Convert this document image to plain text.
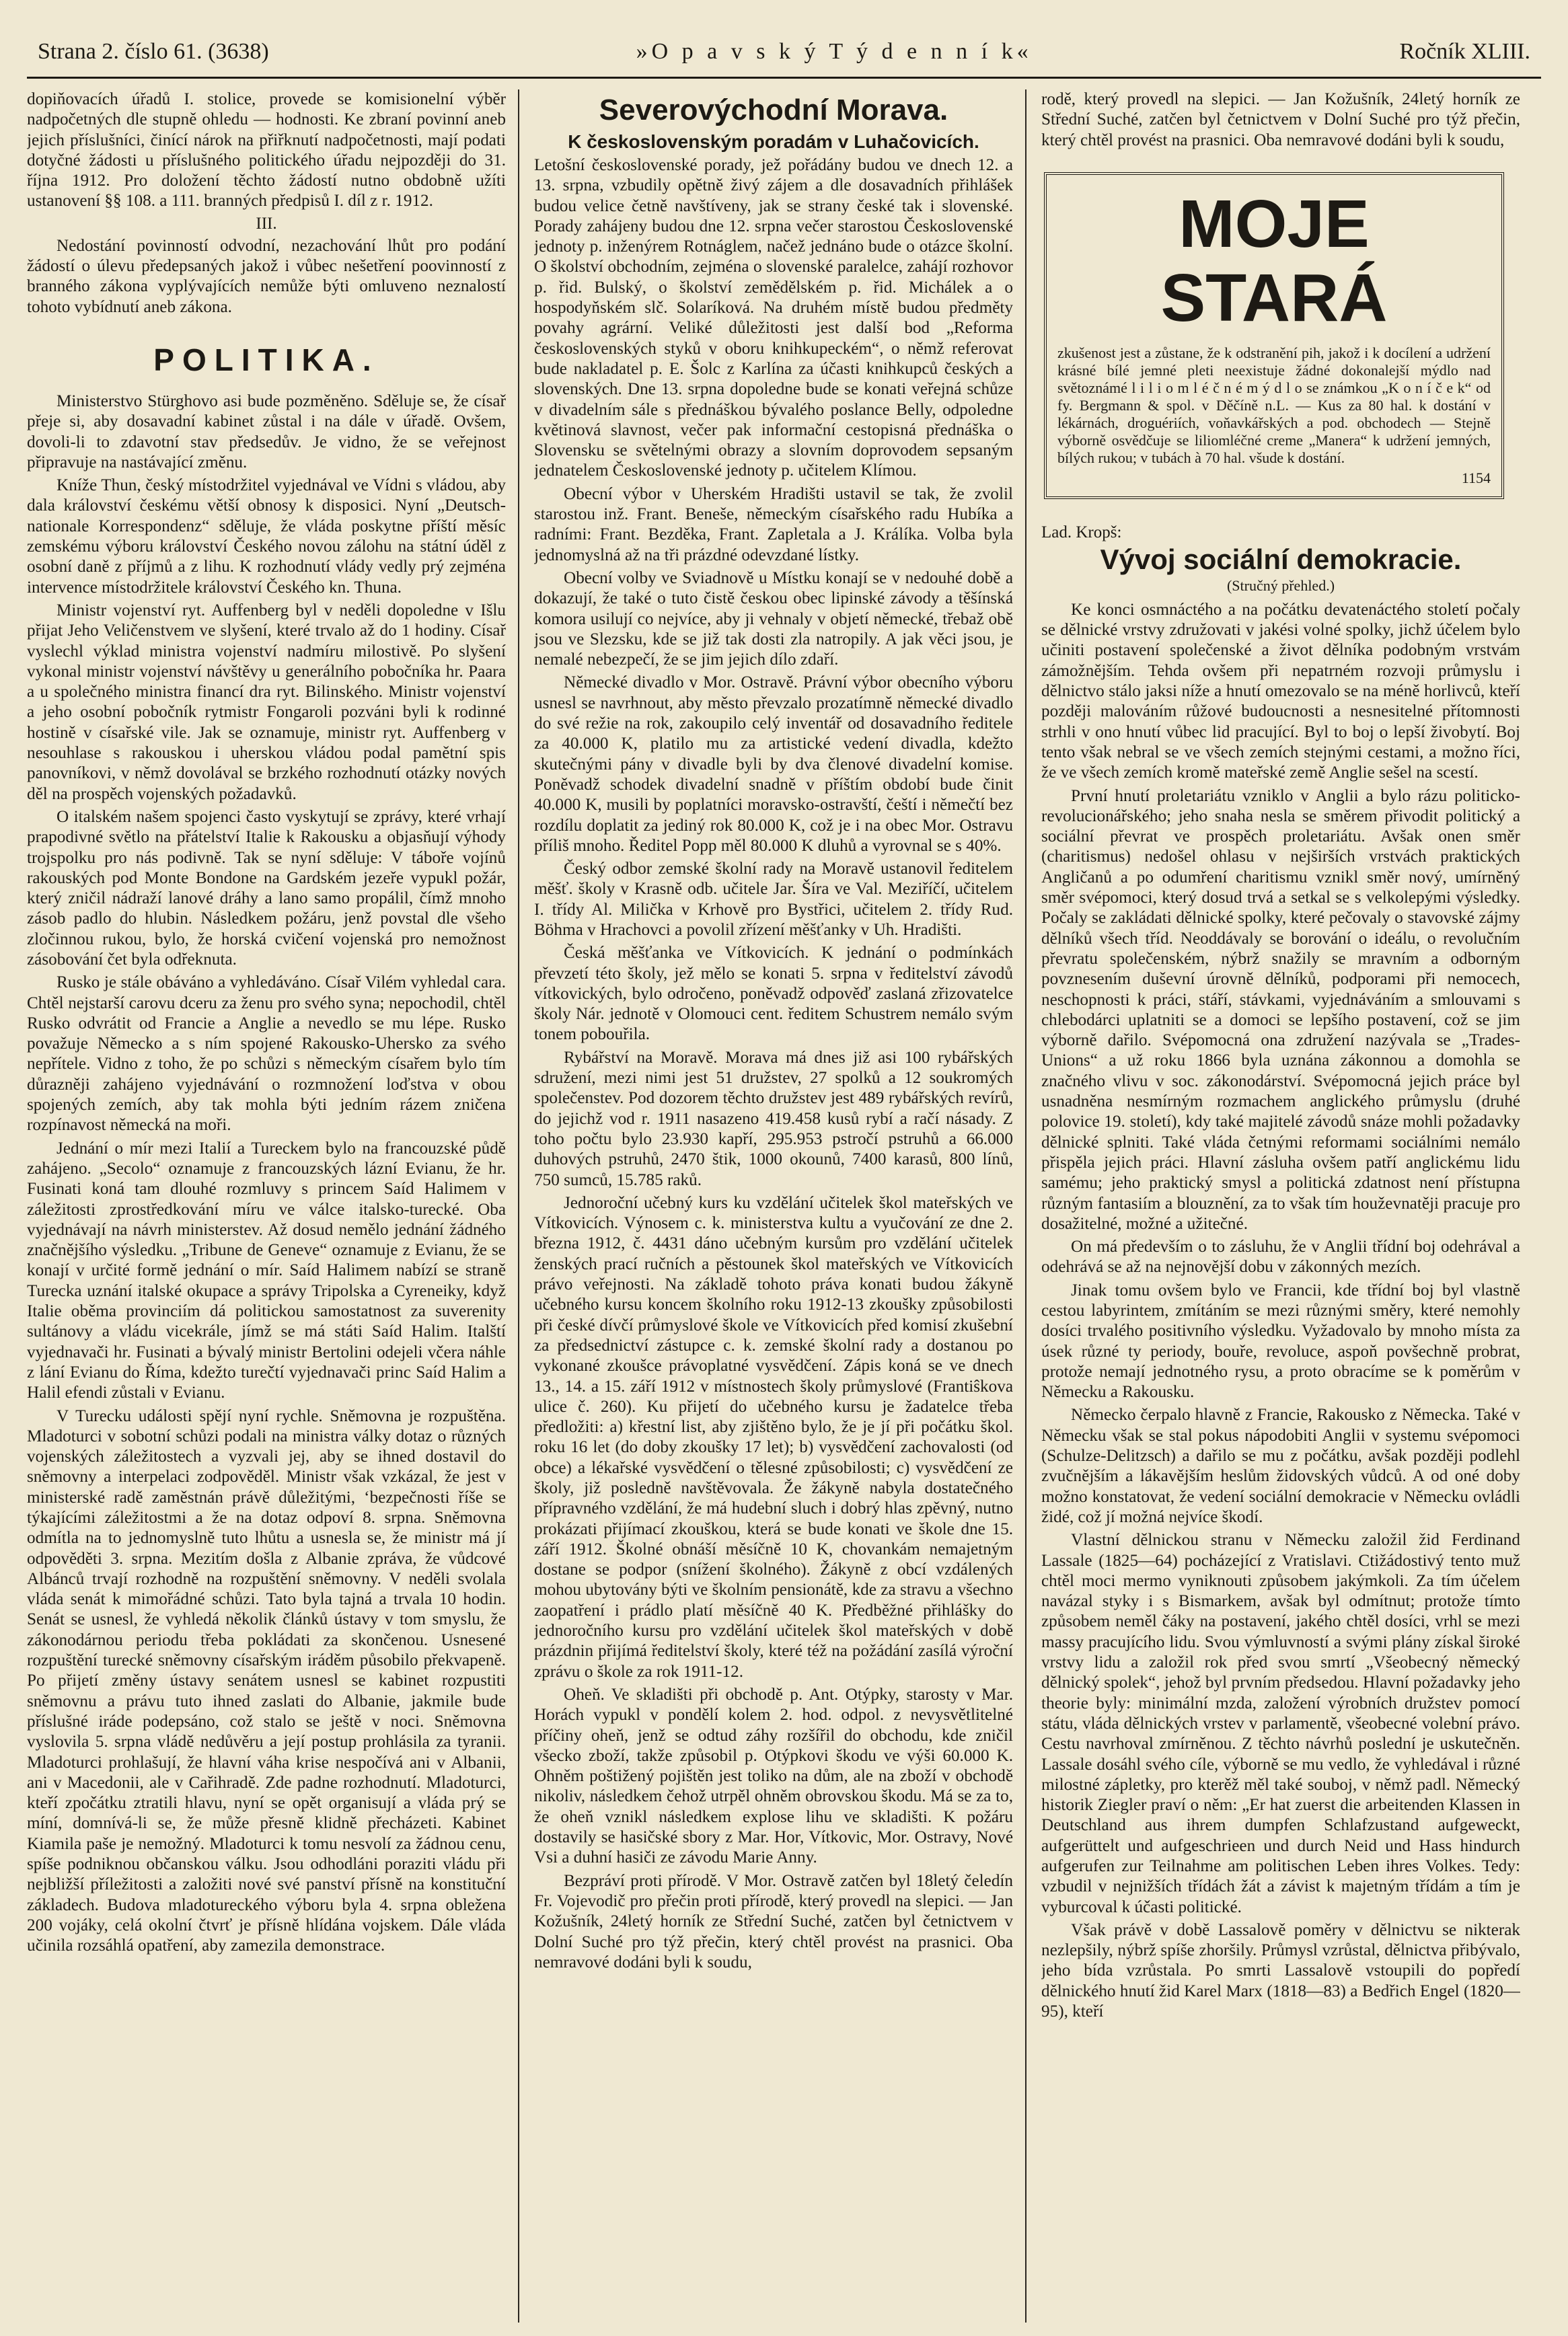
Strana 2. číslo 61. (3638)	»O p a v s k ý T ý d e n n í k«	Ročník XLIII.

dopiňovacích úřadů I. stolice, provede se komisionelní výběr nadpočetných dle stupně ohledu — hodnosti. Ke zbraní povinní aneb jejich příslušníci, činící nárok na přiřknutí nadpočetnosti, mají podati dotyčné žádosti u příslušného politického úřadu nejpozději do 31. října 1912. Pro doložení těchto žádostí nutno obdobně užíti ustanovení §§ 108. a 111. branných předpisů I. díl z r. 1912.

III.

Nedostání povinností odvodní, nezachování lhůt pro podání žádostí o úlevu předepsaných jakož i vůbec nešetření poovinností z branného zákona vyplývajících nemůže býti omluveno neznalostí tohoto vybídnutí aneb zákona.

POLITIKA.

Ministerstvo Stürghovo asi bude pozměněno. Sděluje se, že císař přeje si, aby dosavadní kabinet zůstal i na dále v úřadě. Ovšem, dovoli-li to zdavotní stav předsedův. Je vidno, že se veřejnost připravuje na nastávající změnu.

Kníže Thun, český místodržitel vyjednával ve Vídni s vládou, aby dala království českému větší obnosy k disposici. Nyní „Deutsch-nationale Korrespondenz“ sděluje, že vláda poskytne příští měsíc zemskému výboru království Českého novou zálohu na státní úděl z osobní daně z příjmů a z lihu. K rozhodnutí vlády vedly prý zejména intervence místodržitele království Českého kn. Thuna.

Ministr vojenství ryt. Auffenberg byl v neděli dopoledne v Išlu přijat Jeho Veličenstvem ve slyšení, které trvalo až do 1 hodiny. Císař vyslechl výklad ministra vojenství nadmíru milostivě. Po slyšení vykonal ministr vojenství návštěvy u generálního pobočníka hr. Paara a u společného ministra financí dra ryt. Bilinského. Ministr vojenství a jeho osobní pobočník rytmistr Fongaroli pozváni byli k rodinné hostině v císařské vile. Jak se oznamuje, ministr ryt. Auffenberg v nesouhlase s rakouskou i uherskou vládou podal pamětní spis panovníkovi, v němž dovolával se brzkého rozhodnutí otázky nových děl na prospěch vojenských požadavků.

O italském našem spojenci často vyskytují se zprávy, které vrhají prapodivné světlo na přátelství Italie k Rakousku a objasňují výhody trojspolku pro nás podivně. Tak se nyní sděluje: V táboře vojínů rakouských pod Monte Bondone na Gardském jezeře vypukl požár, který zničil nádraží lanové dráhy a lano samo propálil, čímž mnoho zásob padlo do hlubin. Následkem požáru, jenž povstal dle všeho zločinnou rukou, bylo, že horská cvičení vojenská pro nemožnost zásobování čet byla odřeknuta.

Rusko je stále obáváno a vyhledáváno. Císař Vilém vyhledal cara. Chtěl nejstarší carovu dceru za ženu pro svého syna; nepochodil, chtěl Rusko odvrátit od Francie a Anglie a nevedlo se mu lépe. Rusko považuje Německo a s ním spojené Rakousko-Uhersko za svého nepřítele. Vidno z toho, že po schůzi s německým císařem bylo tím důrazněji zahájeno vyjednávání o rozmnožení loďstva v obou spojených zemích, aby tak mohla býti jedním rázem zničena rozpínavost německá na moři.

Jednání o mír mezi Italií a Tureckem bylo na francouzské půdě zahájeno. „Secolo“ oznamuje z francouzských lázní Evianu, že hr. Fusinati koná tam dlouhé rozmluvy s princem Saíd Halimem v záležitosti zprostředkování míru ve válce italsko-turecké. Oba vyjednávají na návrh ministerstev. Až dosud nemělo jednání žádného značnějšího výsledku. „Tribune de Geneve“ oznamuje z Evianu, že se konají v určité formě jednání o mír. Saíd Halimem nabízí se straně Turecka uznání italské okupace a správy Tripolska a Cyreneiky, když Italie oběma provinciím dá politickou samostatnost za suverenity sultánovy a vládu vicekrále, jímž se má státi Saíd Halim. Italští vyjednavači hr. Fusinati a bývalý ministr Bertolini odejeli včera náhle z lání Evianu do Říma, kdežto turečtí vyjednavači princ Saíd Halim a Halil efendi zůstali v Evianu.

V Turecku události spějí nyní rychle. Sněmovna je rozpuštěna. Mladoturci v sobotní schůzi podali na ministra války dotaz o různých vojenských záležitostech a vyzvali jej, aby se ihned dostavil do sněmovny a interpelaci zodpověděl. Ministr však vzkázal, že jest v ministerské radě zaměstnán právě důležitými, ‘bezpečnosti říše se týkajícími záležitostmi a že na dotaz odpoví 8. srpna. Sněmovna odmítla na to jednomyslně tuto lhůtu a usnesla se, že ministr má jí odpověděti 3. srpna. Mezitím došla z Albanie zpráva, že vůdcové Albánců trvají rozhodně na rozpuštění sněmovny. V neděli svolala vláda senát k mimořádné schůzi. Tato byla tajná a trvala 10 hodin. Senát se usnesl, že vyhledá několik článků ústavy v tom smyslu, že zákonodárnou periodu třeba pokládati za skončenou. Usnesené rozpuštění turecké sněmovny císařským iráděm působilo překvapeně. Po přijetí změny ústavy senátem usnesl se kabinet rozpustiti sněmovnu a právu tuto ihned zaslati do Albanie, jakmile bude příslušné iráde podepsáno, což stalo se ještě v noci. Sněmovna vyslovila 5. srpna vládě nedůvěru a její postup prohlásila za tyranii. Mladoturci prohlašují, že hlavní váha krise nespočívá ani v Albanii, ani v Macedonii, ale v Cařihradě. Zde padne rozhodnutí. Mladoturci, kteří zpočátku ztratili hlavu, nyní se opět organisují a vláda prý se míní, domnívá-li se, že může přesně klidně přecházeti. Kabinet Kiamila paše je nemožný. Mladoturci k tomu nesvolí za žádnou cenu, spíše podniknou občanskou válku. Jsou odhodláni poraziti vládu při nejbližší příležitosti a založiti nové své panství přísně na konstituční základech. Budova mladotureckého výboru byla 4. srpna obležena 200 vojáky, celá okolní čtvrť je přísně hlídána vojskem. Dále vláda učinila rozsáhlá opatření, aby zamezila demonstrace.

Severovýchodní Morava.
K československým poradám v Luhačovicích.

Letošní československé porady, jež pořádány budou ve dnech 12. a 13. srpna, vzbudily opětně živý zájem a dle dosavadních přihlášek budou velice četně navštíveny, jak se strany české tak i slovenské. Porady zahájeny budou dne 12. srpna večer starostou Československé jednoty p. inženýrem Rotnáglem, načež jednáno bude o otázce školní. O školství obchodním, zejména o slovenské paralelce, zahájí rozhovor p. řid. Bulský, o školství zemědělském p. řid. Michálek a o hospodyňském slč. Solaríková. Na druhém místě budou předměty povahy agrární. Veliké důležitosti jest další bod „Reforma československých styků v oboru knihkupeckém“, o němž referovat bude nakladatel p. E. Šolc z Karlína za účasti knihkupců českých a slovenských. Dne 13. srpna dopoledne bude se konati veřejná schůze v divadelním sále s přednáškou bývalého poslance Belly, odpoledne květinová slavnost, večer pak informační cestopisná přednáška o Slovensku se světelnými obrazy a slovním doprovodem sepsaným jednatelem Československé jednoty p. učitelem Klímou.

Obecní výbor v Uherském Hradišti ustavil se tak, že zvolil starostou inž. Frant. Beneše, německým císařského radu Hubíka a radními: Frant. Bezděka, Frant. Zapletala a J. Králíka. Volba byla jednomyslná až na tři prázdné odevzdané lístky.

Obecní volby ve Sviadnově u Místku konají se v nedouhé době a dokazují, že také o tuto čistě českou obec lipinské závody a těšínská komora usilují co nejvíce, aby ji vehnaly v objetí německé, třebaž obě jsou ve Slezsku, kde se již tak dosti zla natropily. A jak věci jsou, je nemalé nebezpečí, že se jim jejich dílo zdaří.

Německé divadlo v Mor. Ostravě. Právní výbor obecního výboru usnesl se navrhnout, aby město převzalo prozatímně německé divadlo do své režie na rok, zakoupilo celý inventář od dosavadního ředitele za 40.000 K, platilo mu za artistické vedení divadla, kdežto skutečnými pány v divadle byli by dva členové divadelní komise. Poněvadž schodek divadelní snadně v příštím období bude činit 40.000 K, musili by poplatníci moravsko-ostravští, čeští i němečtí bez rozdílu doplatit za jediný rok 80.000 K, což je i na obec Mor. Ostravu příliš mnoho. Ředitel Popp měl 80.000 K dluhů a vyrovnal se s 40%.

Český odbor zemské školní rady na Moravě ustanovil ředitelem měšť. školy v Krasně odb. učitele Jar. Šíra ve Val. Meziříčí, učitelem I. třídy Al. Milička v Krhově pro Bystřici, učitelem 2. třídy Rud. Böhma v Hrachovci a povolil zřízení měšťanky v Uh. Hradišti.

Česká měšťanka ve Vítkovicích. K jednání o podmínkách převzetí této školy, jež mělo se konati 5. srpna v ředitelství závodů vítkovických, bylo odročeno, poněvadž odpověď zaslaná zřizovatelce školy Nár. jednotě v Olomouci cent. ředitem Schustrem nemálo svým tonem pobouřila.

Rybářství na Moravě. Morava má dnes již asi 100 rybářských sdružení, mezi nimi jest 51 družstev, 27 spolků a 12 soukromých společenstev. Pod dozorem těchto družstev jest 489 rybářských revírů, do jejichž vod r. 1911 nasazeno 419.458 kusů rybí a račí násady. Z toho počtu bylo 23.930 kapří, 295.953 pstročí pstruhů a 66.000 duhových pstruhů, 2470 štik, 1000 okounů, 7400 karasů, 800 línů, 750 sumců, 15.785 raků.

Jednoroční učebný kurs ku vzdělání učitelek škol mateřských ve Vítkovicích. Výnosem c. k. ministerstva kultu a vyučování ze dne 2. března 1912, č. 4431 dáno učebným kursům pro vzdělání učitelek ženských prací ručních a pěstounek škol mateřských ve Vítkovicích právo veřejnosti. Na základě tohoto práva konati budou žákyně učebného kursu koncem školního roku 1912-13 zkoušky způsobilosti při české dívčí průmyslové škole ve Vítkovicích před komisí zkušební za předsednictví zástupce c. k. zemské školní rady a dostanou po vykonané zkoušce právoplatné vysvědčení. Zápis koná se ve dnech 13., 14. a 15. září 1912 v místnostech školy průmyslové (Frantiŝkova ulice č. 260). Ku přijetí do učebného kursu je žadatelce třeba předložiti: a) křestní list, aby zjištěno bylo, že je jí při počátku škol. roku 16 let (do doby zkoušky 17 let); b) vysvědčení zachovalosti (od obce) a lékařské vysvědčení o tělesné způsobilosti; c) vysvědčení ze školy, již posledně navštěvovala. Že žákyně nabyla dostatečného přípravného vzdělání, že má hudební sluch i dobrý hlas zpěvný, nutno prokázati přijímací zkouškou, která se bude konati ve škole dne 15. září 1912. Školné obnáší měsíčně 10 K, chovankám nemajetným dostane se podpor (snížení školného). Žákyně z obcí vzdálených mohou ubytovány býti ve školním pensionátě, kde za stravu a všechno zaopatření i prádlo platí měsíčně 40 K. Předběžné přihlášky do jednoročního kursu pro vzdělání učitelek škol mateřských v době prázdnin přijímá ředitelství školy, které též na požádání zasílá výroční zprávu o škole za rok 1911-12.

Oheň. Ve skladišti při obchodě p. Ant. Otýpky, starosty v Mar. Horách vypukl v pondělí kolem 2. hod. odpol. z nevysvětlitelné příčiny oheň, jenž se odtud záhy rozšířil do obchodu, kde zničil všecko zboží, takže způsobil p. Otýpkovi škodu ve výši 60.000 K. Ohněm poštižený pojištěn jest toliko na dům, ale na zboží v obchodě nikoliv, následkem čehož utrpěl ohněm obrovskou škodu. Má se za to, že oheň vznikl následkem explose lihu ve skladišti. K požáru dostavily se hasičské sbory z Mar. Hor, Vítkovic, Mor. Ostravy, Nové Vsi a duhní hasiči ze závodu Marie Anny.

Bezpráví proti přírodě. V Mor. Ostravě zatčen byl 18letý čeledín Fr. Vojevodič pro přečin proti přírodě, který provedl na slepici. — Jan Kožušník, 24letý horník ze Střední Suché, zatčen byl četnictvem v Dolní Suché pro týž přečin, který chtěl provést na prasnici. Oba nemravové dodáni byli k soudu,

rodě, který provedl na slepici. — Jan Kožušník, 24letý horník ze Střední Suché, zatčen byl četnictvem v Dolní Suché pro týž přečin, který chtěl provést na prasnici. Oba nemravové dodáni byli k soudu,

MOJE STARÁ

zkušenost jest a zůstane, že k odstranění pih, jakož i k docílení a udržení krásné bílé jemné pleti neexistuje žádné dokonalejší mýdlo nad světoznámé l i l i o m l é č n é m ý d l o se známkou „K o n í č e k“ od fy. Bergmann & spol. v Děčíně n.L. — Kus za 80 hal. k dostání v lékárnách, droguériích, voňavkářských a pod. obchodech — Stejně výborně osvědčuje se liliomléčné creme „Manera“ k udržení jemných, bílých rukou; v tubách à 70 hal. všude k dostání.

1154
Lad. Kropš:
Vývoj sociální demokracie.
(Stručný přehled.)

Ke konci osmnáctého a na počátku devatenáctého století počaly se dělnické vrstvy združovati v jakési volné spolky, jichž účelem bylo učiniti postavení společenské a život dělníka podobným vrstvám zámožnějším. Tehda ovšem při nepatrném rozvoji průmyslu i dělnictvo stálo jaksi níže a hnutí omezovalo se na méně horlivců, kteří později malováním růžové budoucnosti a nesnesitelné přítomnosti strhli v ono hnutí vůbec lid pracující. Byl to boj o lepší živobytí. Boj tento však nebral se ve všech zemích stejnými cestami, a možno říci, že ve všech zemích kromě mateřské země Anglie sešel na scestí.

První hnutí proletariátu vzniklo v Anglii a bylo rázu politicko-revolucionářského; jeho snaha nesla se směrem přivodit politický a sociální převrat ve prospěch proletariátu. Avšak onen směr (charitismus) nedošel ohlasu v nejširších vrstvách praktických Angličanů a po odumření charitismu vznikl směr nový, umírněný směr svépomoci, který dosud trvá a setkal se s velkolepými výsledky. Počaly se zakládati dělnické spolky, které pečovaly o stavovské zájmy dělníků všech tříd. Neoddávaly se borování o ideálu, o revolučním převratu společenském, nýbrž snažily se mravním a odborným povznesením duševní úrovně dělníků, podporami při nemocech, neschopnosti k práci, stáří, stávkami, vyjednáváním a smlouvami s chlebodárci uplatniti se a domoci se lepšího postavení, což se jim výborně dařilo. Svépomocná ona združení nazývala se „Trades-Unions“ a už roku 1866 byla uznána zákonnou a domohla se značného vlivu v soc. zákonodárství. Svépomocná jejich práce byl usnadněna nesmírným rozmachem anglického průmyslu (druhé polovice 19. století), kdy také majitelé závodů snáze mohli požadavky dělnické splniti. Také vláda četnými reformami sociálními nemálo přispěla jejich práci. Hlavní zásluha ovšem patří anglickému lidu samému; jeho praktický smysl a politická zdatnost není přístupna různým fantasiím a blouznění, za to však tím houževnatěji pracuje pro dosažitelné, možné a užitečné.

On má především o to zásluhu, že v Anglii třídní boj odehrával a odehrává se až na nejnovější dobu v zákonných mezích.

Jinak tomu ovšem bylo ve Francii, kde třídní boj byl vlastně cestou labyrintem, zmítáním se mezi různými směry, které nemohly dosíci trvalého positivního výsledku. Vyžadovalo by mnoho místa za úsek různé ty periody, bouře, revoluce, aspoň povšechně probrat, protože nemají jednotného rysu, a proto obracíme se k poměrům v Německu a Rakousku.

Německo čerpalo hlavně z Francie, Rakousko z Německa. Také v Německu však se stal pokus nápodobiti Anglii v systemu svépomoci (Schulze-Delitzsch) a dařilo se mu z počátku, avšak později podlehl zvučnějším a lákavějším heslům židovských vůdců. A od oné doby možno konstatovat, že vedení sociální demokracie v Německu ovládli židé, což jí možná nejvíce škodí.

Vlastní dělnickou stranu v Německu založil žid Ferdinand Lassale (1825—64) pocházející z Vratislavi. Ctižádostivý tento muž chtěl moci mermo vyniknouti způsobem jakýmkoli. Za tím účelem navázal styky i s Bismarkem, avšak byl odmítnut; protože tímto způsobem neměl čáky na postavení, jakého chtěl dosíci, vrhl se mezi massy pracujícího lidu. Svou výmluvností a svými plány získal široké vrstvy lidu a založil rok před svou smrtí „Všeobecný německý dělnický spolek“, jehož byl prvním předsedou. Hlavní požadavky jeho theorie byly: minimální mzda, založení výrobních družstev pomocí státu, vláda dělnických vrstev v parlamentě, všeobecné volební právo. Cestu navrhoval zmírněnou. Z těchto návrhů poslední je uskutečněn. Lassale dosáhl svého cíle, výborně se mu vedlo, že vyhledával i různé milostné zápletky, pro kterěž měl také souboj, v němž padl. Německý historik Ziegler praví o něm: „Er hat zuerst die arbeitenden Klassen in Deutschland aus ihrem dumpfen Schlafzustand aufgeweckt, aufgerüttelt und aufgeschrieen und durch Neid und Hass hindurch aufgerufen zur Teilnahme am politischen Leben ihres Volkes. Tedy: vzbudil v nejnižších třídách žát a závist k majetným třídám a tím je vyburcoval k účasti politické.

Však právě v době Lassalově poměry v dělnictvu se nikterak nezlepšily, nýbrž spíše zhoršily. Průmysl vzrůstal, dělnictva přibývalo, jeho bída vzrůstala. Po smrti Lassalově vstoupili do popředí dělnického hnutí žid Karel Marx (1818—83) a Bedřich Engel (1820—95), kteří
